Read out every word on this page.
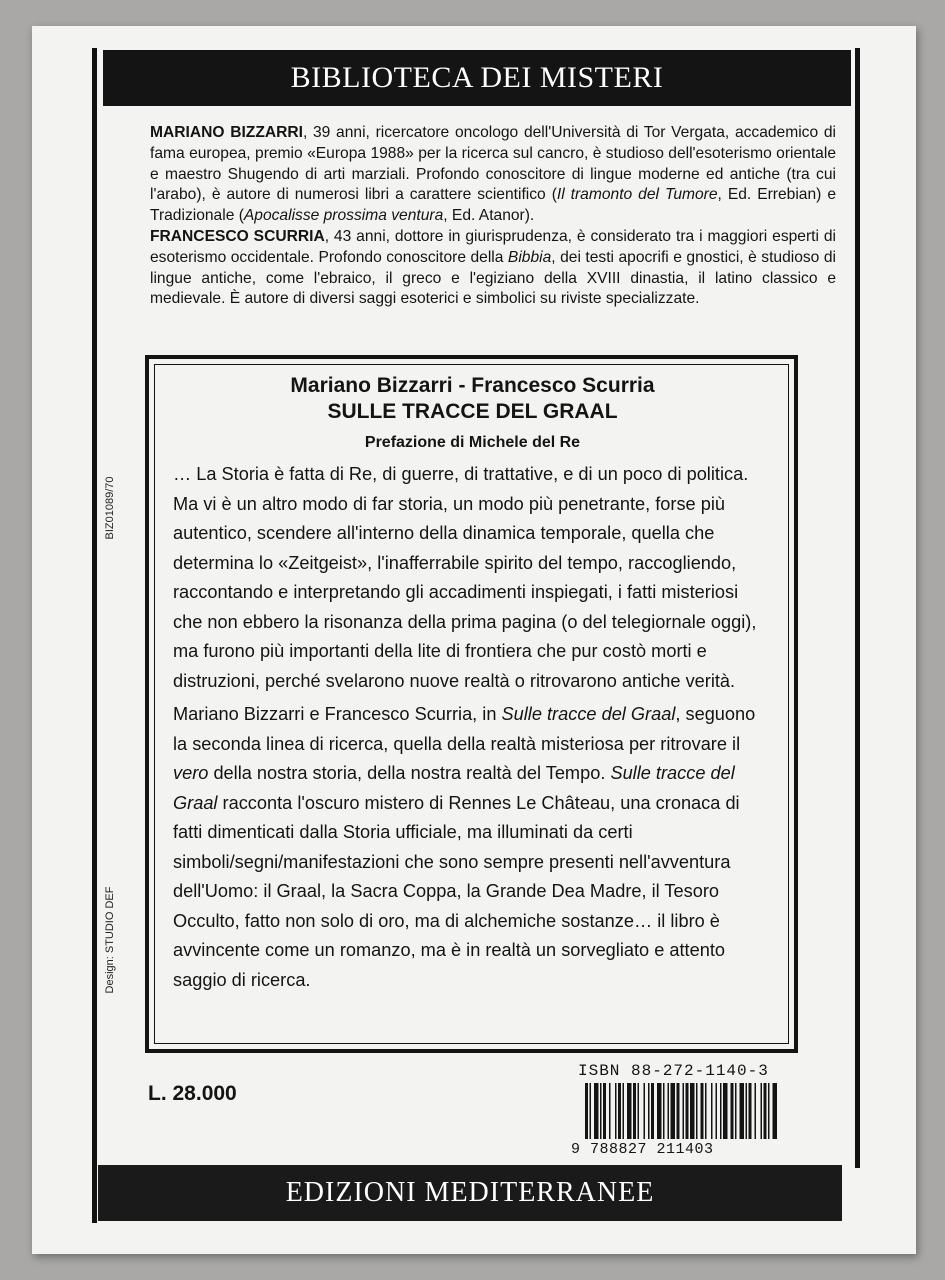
BIBLIOTECA DEI MISTERI

MARIANO BIZZARRI, 39 anni, ricercatore oncologo dell'Università di Tor Vergata, accademico di fama europea, premio «Europa 1988» per la ricerca sul cancro, è studioso dell'esoterismo orientale e maestro Shugendo di arti marziali. Profondo conoscitore di lingue moderne ed antiche (tra cui l'arabo), è autore di numerosi libri a carattere scientifico (Il tramonto del Tumore, Ed. Errebian) e Tradizionale (Apocalisse prossima ventura, Ed. Atanor).

FRANCESCO SCURRIA, 43 anni, dottore in giurisprudenza, è considerato tra i maggiori esperti di esoterismo occidentale. Profondo conoscitore della Bibbia, dei testi apocrifi e gnostici, è studioso di lingue antiche, come l'ebraico, il greco e l'egiziano della XVIII dinastia, il latino classico e medievale. È autore di diversi saggi esoterici e simbolici su riviste specializzate.

Mariano Bizzarri - Francesco Scurria
SULLE TRACCE DEL GRAAL
Prefazione di Michele del Re

… La Storia è fatta di Re, di guerre, di trattative, e di un poco di politica. Ma vi è un altro modo di far storia, un modo più penetrante, forse più autentico, scendere all'interno della dinamica temporale, quella che determina lo «Zeitgeist», l'inafferrabile spirito del tempo, raccogliendo, raccontando e interpretando gli accadimenti inspiegati, i fatti misteriosi che non ebbero la risonanza della prima pagina (o del telegiornale oggi), ma furono più importanti della lite di frontiera che pur costò morti e distruzioni, perché svelarono nuove realtà o ritrovarono antiche verità.

Mariano Bizzarri e Francesco Scurria, in Sulle tracce del Graal, seguono la seconda linea di ricerca, quella della realtà misteriosa per ritrovare il vero della nostra storia, della nostra realtà del Tempo. Sulle tracce del Graal racconta l'oscuro mistero di Rennes Le Château, una cronaca di fatti dimenticati dalla Storia ufficiale, ma illuminati da certi simboli/segni/manifestazioni che sono sempre presenti nell'avventura dell'Uomo: il Graal, la Sacra Coppa, la Grande Dea Madre, il Tesoro Occulto, fatto non solo di oro, ma di alchemiche sostanze… il libro è avvincente come un romanzo, ma è in realtà un sorvegliato e attento saggio di ricerca.

BIZ01089/70
Design: STUDIO DEF
L. 28.000
ISBN 88-272-1140-3
9 788827 211403
EDIZIONI MEDITERRANEE
